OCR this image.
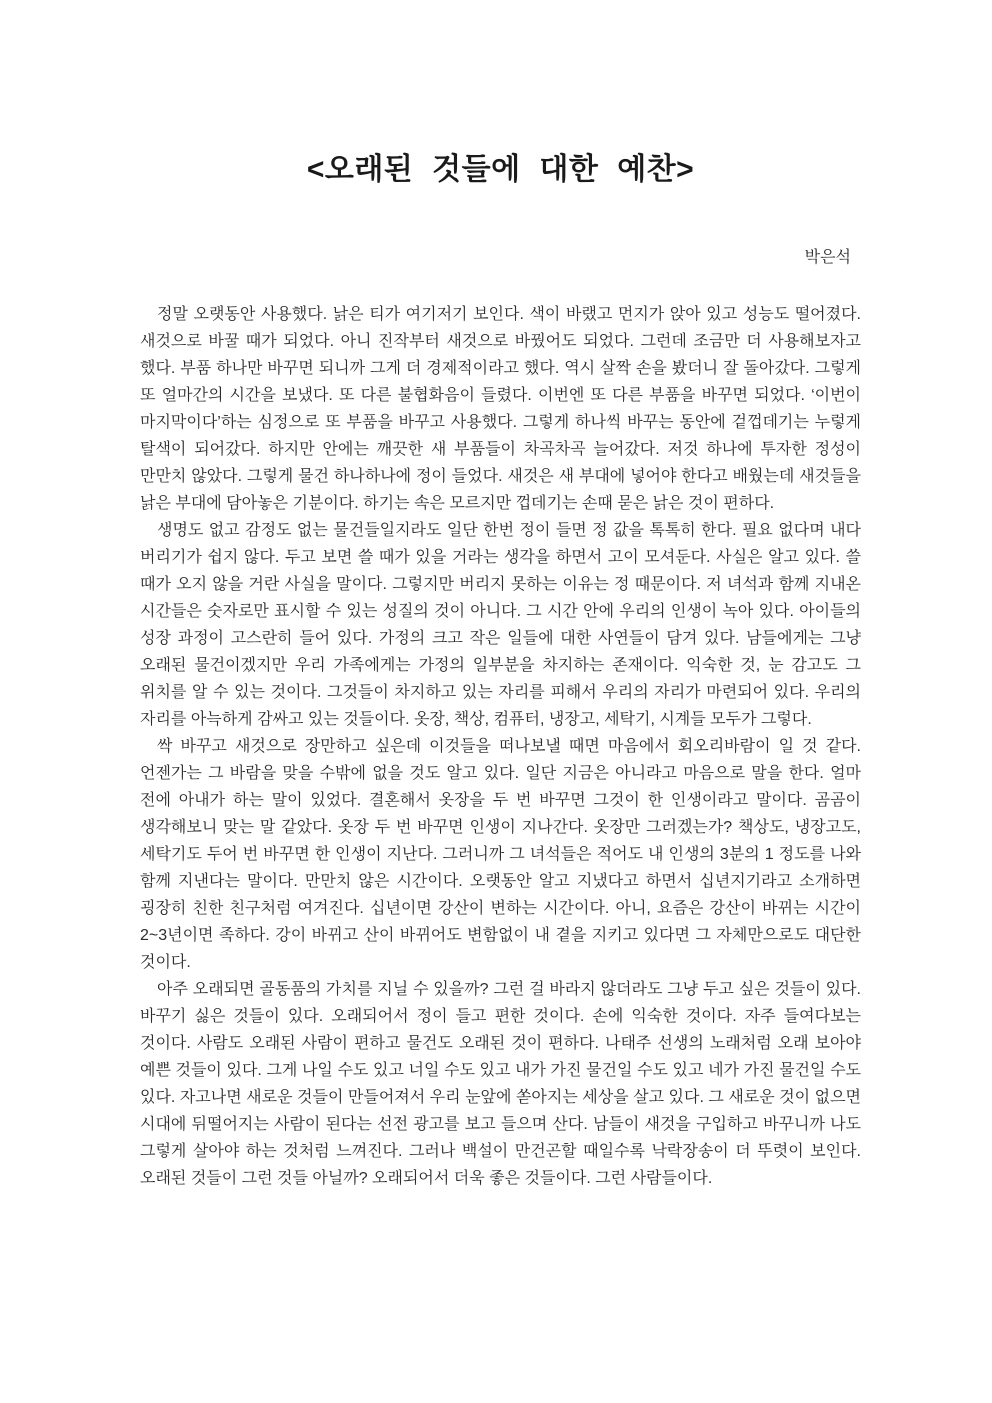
<오래된 것들에 대한 예찬>
박은석

정말 오랫동안 사용했다. 낡은 티가 여기저기 보인다. 색이 바랬고 먼지가 앉아 있고 성능도 떨어졌다. 새것으로 바꿀 때가 되었다. 아니 진작부터 새것으로 바꿨어도 되었다. 그런데 조금만 더 사용해보자고 했다. 부품 하나만 바꾸면 되니까 그게 더 경제적이라고 했다. 역시 살짝 손을 봤더니 잘 돌아갔다. 그렇게 또 얼마간의 시간을 보냈다. 또 다른 불협화음이 들렸다. 이번엔 또 다른 부품을 바꾸면 되었다. ‘이번이 마지막이다’하는 심정으로 또 부품을 바꾸고 사용했다. 그렇게 하나씩 바꾸는 동안에 겉껍데기는 누렇게 탈색이 되어갔다. 하지만 안에는 깨끗한 새 부품들이 차곡차곡 늘어갔다. 저것 하나에 투자한 정성이 만만치 않았다. 그렇게 물건 하나하나에 정이 들었다. 새것은 새 부대에 넣어야 한다고 배웠는데 새것들을 낡은 부대에 담아놓은 기분이다. 하기는 속은 모르지만 껍데기는 손때 묻은 낡은 것이 편하다.

생명도 없고 감정도 없는 물건들일지라도 일단 한번 정이 들면 정 값을 톡톡히 한다. 필요 없다며 내다 버리기가 쉽지 않다. 두고 보면 쓸 때가 있을 거라는 생각을 하면서 고이 모셔둔다. 사실은 알고 있다. 쓸 때가 오지 않을 거란 사실을 말이다. 그렇지만 버리지 못하는 이유는 정 때문이다. 저 녀석과 함께 지내온 시간들은 숫자로만 표시할 수 있는 성질의 것이 아니다. 그 시간 안에 우리의 인생이 녹아 있다. 아이들의 성장 과정이 고스란히 들어 있다. 가정의 크고 작은 일들에 대한 사연들이 담겨 있다. 남들에게는 그냥 오래된 물건이겠지만 우리 가족에게는 가정의 일부분을 차지하는 존재이다. 익숙한 것, 눈 감고도 그 위치를 알 수 있는 것이다. 그것들이 차지하고 있는 자리를 피해서 우리의 자리가 마련되어 있다. 우리의 자리를 아늑하게 감싸고 있는 것들이다. 옷장, 책상, 컴퓨터, 냉장고, 세탁기, 시계들 모두가 그렇다.

싹 바꾸고 새것으로 장만하고 싶은데 이것들을 떠나보낼 때면 마음에서 회오리바람이 일 것 같다. 언젠가는 그 바람을 맞을 수밖에 없을 것도 알고 있다. 일단 지금은 아니라고 마음으로 말을 한다. 얼마 전에 아내가 하는 말이 있었다. 결혼해서 옷장을 두 번 바꾸면 그것이 한 인생이라고 말이다. 곰곰이 생각해보니 맞는 말 같았다. 옷장 두 번 바꾸면 인생이 지나간다. 옷장만 그러겠는가? 책상도, 냉장고도, 세탁기도 두어 번 바꾸면 한 인생이 지난다. 그러니까 그 녀석들은 적어도 내 인생의 3분의 1 정도를 나와 함께 지낸다는 말이다. 만만치 않은 시간이다. 오랫동안 알고 지냈다고 하면서 십년지기라고 소개하면 굉장히 친한 친구처럼 여겨진다. 십년이면 강산이 변하는 시간이다. 아니, 요즘은 강산이 바뀌는 시간이 2~3년이면 족하다. 강이 바뀌고 산이 바뀌어도 변함없이 내 곁을 지키고 있다면 그 자체만으로도 대단한 것이다.

아주 오래되면 골동품의 가치를 지닐 수 있을까? 그런 걸 바라지 않더라도 그냥 두고 싶은 것들이 있다. 바꾸기 싫은 것들이 있다. 오래되어서 정이 들고 편한 것이다. 손에 익숙한 것이다. 자주 들여다보는 것이다. 사람도 오래된 사람이 편하고 물건도 오래된 것이 편하다. 나태주 선생의 노래처럼 오래 보아야 예쁜 것들이 있다. 그게 나일 수도 있고 너일 수도 있고 내가 가진 물건일 수도 있고 네가 가진 물건일 수도 있다. 자고나면 새로운 것들이 만들어져서 우리 눈앞에 쏟아지는 세상을 살고 있다. 그 새로운 것이 없으면 시대에 뒤떨어지는 사람이 된다는 선전 광고를 보고 들으며 산다. 남들이 새것을 구입하고 바꾸니까 나도 그렇게 살아야 하는 것처럼 느껴진다. 그러나 백설이 만건곤할 때일수록 낙락장송이 더 뚜렷이 보인다. 오래된 것들이 그런 것들 아닐까? 오래되어서 더욱 좋은 것들이다. 그런 사람들이다.
